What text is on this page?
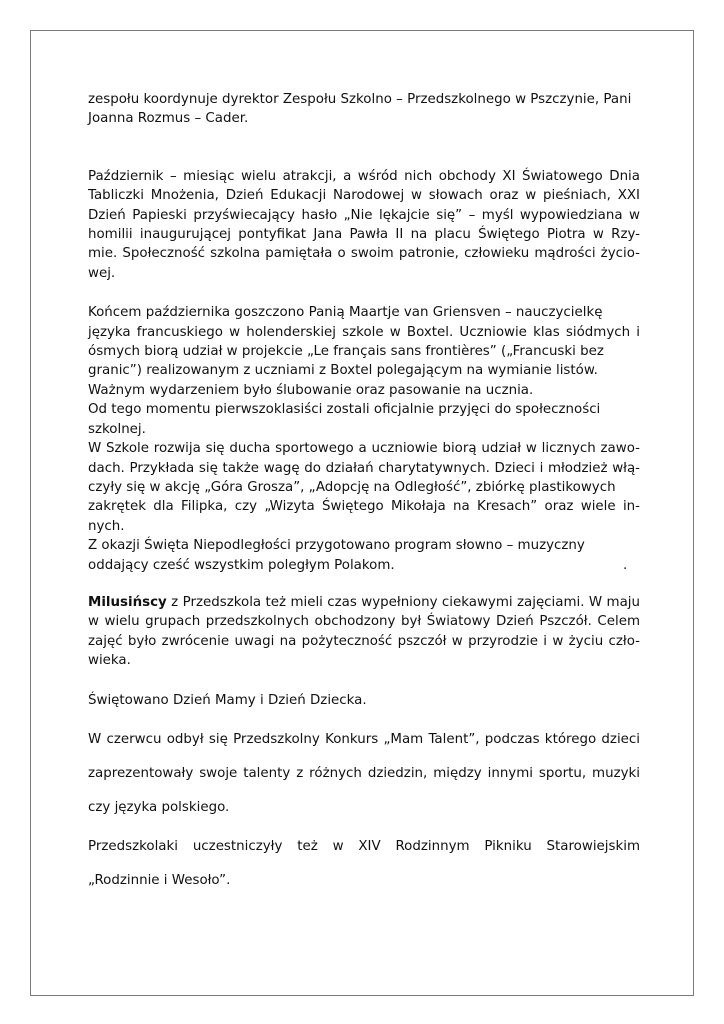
zespołu koordynuje dyrektor Zespołu Szkolno – Przedszkolnego w Pszczynie, Pani
Joanna Rozmus – Cader.

Październik – miesiąc wielu atrakcji, a wśród nich obchody XI Światowego Dnia
Tabliczki Mnożenia, Dzień Edukacji Narodowej w słowach oraz w pieśniach, XXI
Dzień Papieski przyświecający hasło „Nie lękajcie się” – myśl wypowiedziana w
homilii inaugurującej pontyfikat Jana Pawła II na placu Świętego Piotra w Rzy-
mie. Społeczność szkolna pamiętała o swoim patronie, człowieku mądrości życio-
wej.

Końcem października goszczono Panią Maartje van Griensven – nauczycielkę
języka francuskiego w holenderskiej szkole w Boxtel. Uczniowie klas siódmych i
ósmych biorą udział w projekcie „Le français sans frontières” („Francuski bez
granic”) realizowanym z uczniami z Boxtel polegającym na wymianie listów.
Ważnym wydarzeniem było ślubowanie oraz pasowanie na ucznia.
Od tego momentu pierwszoklasiści zostali oficjalnie przyjęci do społeczności
szkolnej.
W Szkole rozwija się ducha sportowego a uczniowie biorą udział w licznych zawo-
dach. Przykłada się także wagę do działań charytatywnych. Dzieci i młodzież włą-
czyły się w akcję „Góra Grosza”, „Adopcję na Odległość”, zbiórkę plastikowych
zakrętek dla Filipka, czy „Wizyta Świętego Mikołaja na Kresach” oraz wiele in-
nych.
Z okazji Święta Niepodległości przygotowano program słowno – muzyczny
oddający cześć wszystkim poległym Polakom.	.

Milusińscy z Przedszkola też mieli czas wypełniony ciekawymi zajęciami. W maju
w wielu grupach przedszkolnych obchodzony był Światowy Dzień Pszczół. Celem
zajęć było zwrócenie uwagi na pożyteczność pszczół w przyrodzie i w życiu czło-
wieka.

Świętowano Dzień Mamy i Dzień Dziecka.

W czerwcu odbył się Przedszkolny Konkurs „Mam Talent”, podczas którego dzieci
zaprezentowały swoje talenty z różnych dziedzin, między innymi sportu, muzyki
czy języka polskiego.

Przedszkolaki uczestniczyły też w XIV Rodzinnym Pikniku Starowiejskim
„Rodzinnie i Wesoło”.
